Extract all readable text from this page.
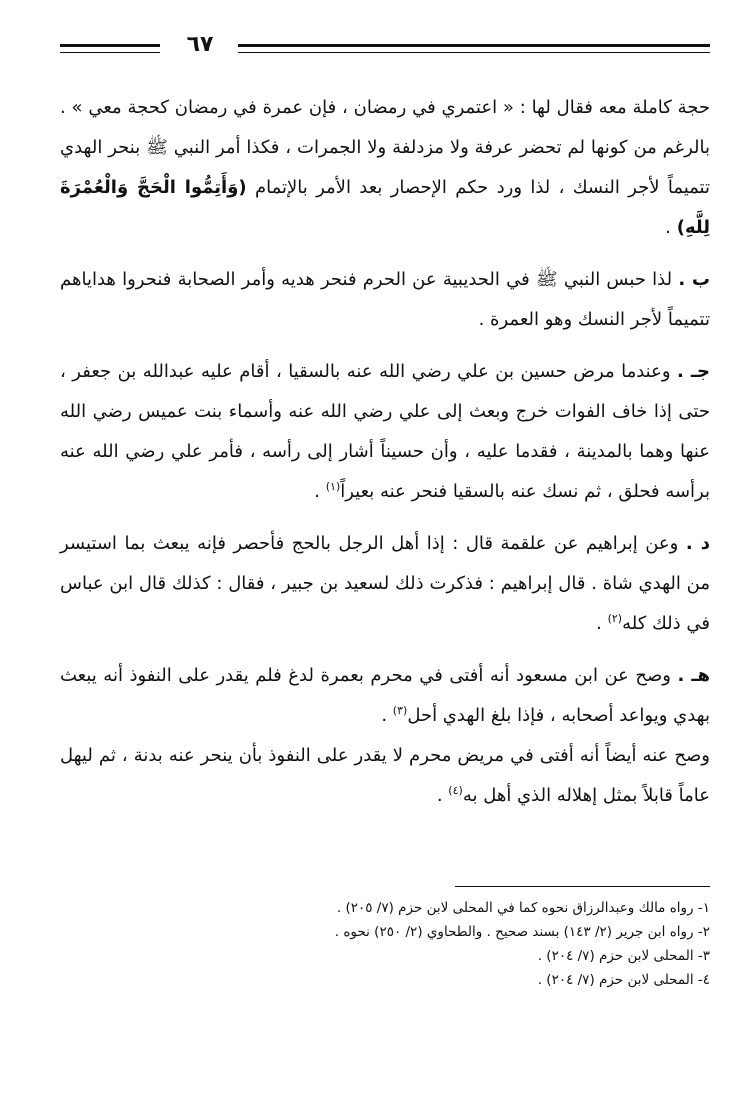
٦٧

حجة كاملة معه فقال لها : « اعتمري في رمضان ، فإن عمرة في رمضان كحجة معي » . بالرغم من كونها لم تحضر عرفة ولا مزدلفة ولا الجمرات ، فكذا أمر النبي ﷺ بنحر الهدي تتميماً لأجر النسك ، لذا ورد حكم الإحصار بعد الأمر بالإتمام (وَأَتِمُّوا الْحَجَّ وَالْعُمْرَةَ لِلَّهِ) .

ب . لذا حبس النبي ﷺ في الحديبية عن الحرم فنحر هديه وأمر الصحابة فنحروا هداياهم تتميماً لأجر النسك وهو العمرة .

جـ . وعندما مرض حسين بن علي رضي الله عنه بالسقيا ، أقام عليه عبدالله بن جعفر ، حتى إذا خاف الفوات خرج وبعث إلى علي رضي الله عنه وأسماء بنت عميس رضي الله عنها وهما بالمدينة ، فقدما عليه ، وأن حسيناً أشار إلى رأسه ، فأمر علي رضي الله عنه برأسه فحلق ، ثم نسك عنه بالسقيا فنحر عنه بعيراً$^{(١)}$ .

د . وعن إبراهيم عن علقمة قال : إذا أهل الرجل بالحج فأحصر فإنه يبعث بما استيسر من الهدي شاة . قال إبراهيم : فذكرت ذلك لسعيد بن جبير ، فقال : كذلك قال ابن عباس في ذلك كله$^{(٢)}$ .

هـ . وصح عن ابن مسعود أنه أفتى في محرم بعمرة لدغ فلم يقدر على النفوذ أنه يبعث بهدي ويواعد أصحابه ، فإذا بلغ الهدي أحل$^{(٣)}$ .

وصح عنه أيضاً أنه أفتى في مريض محرم لا يقدر على النفوذ بأن ينحر عنه بدنة ، ثم ليهل عاماً قابلاً بمثل إهلاله الذي أهل به$^{(٤)}$ .

١- رواه مالك وعبدالرزاق نحوه كما في المحلى لابن حزم (٧/ ٢٠٥) .
٢- رواه ابن جرير (٢/ ١٤٣) بسند صحيح . والطحاوي (٢/ ٢٥٠) نحوه .
٣- المحلى لابن حزم (٧/ ٢٠٤) .
٤- المحلى لابن حزم (٧/ ٢٠٤) .
